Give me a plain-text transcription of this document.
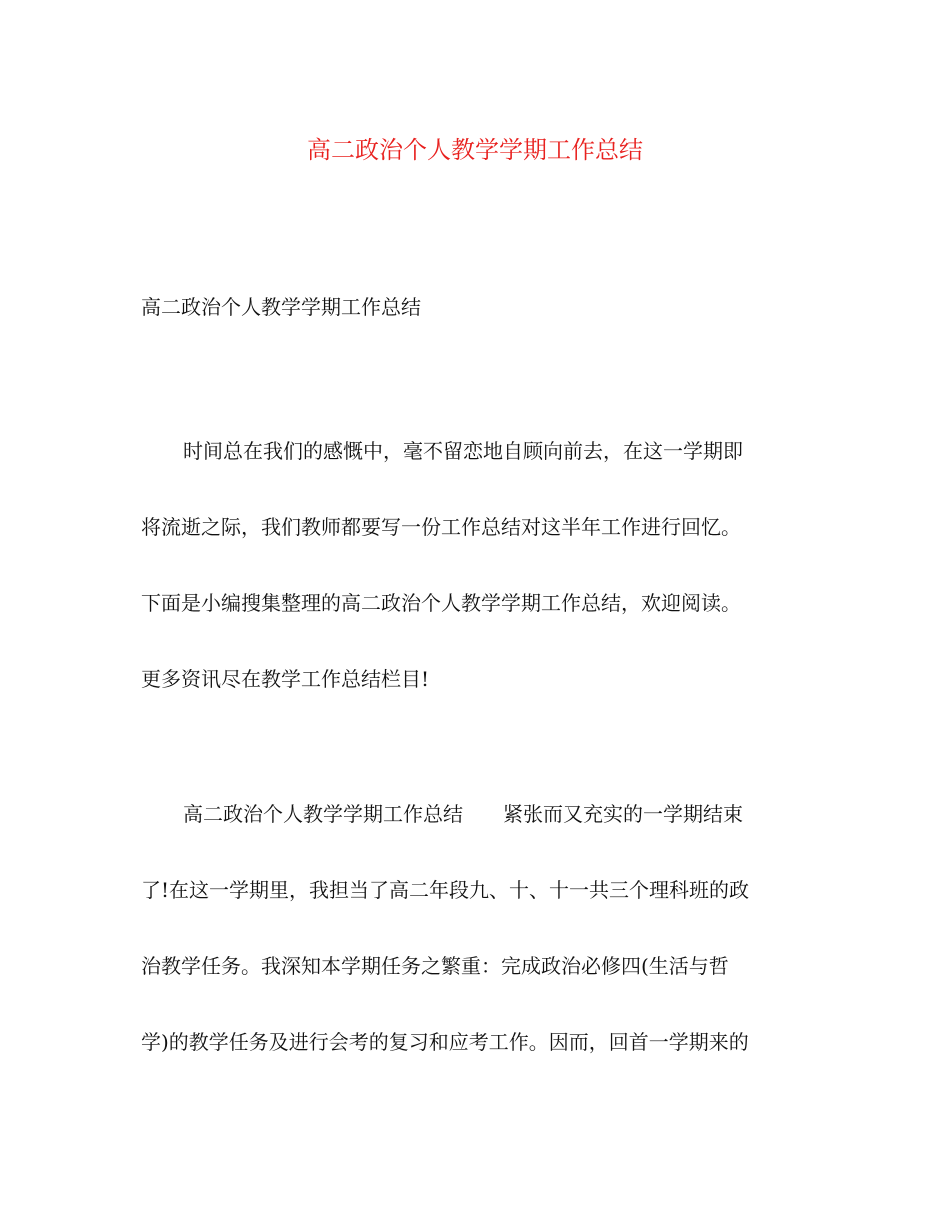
高二政治个人教学学期工作总结
高二政治个人教学学期工作总结
时间总在我们的感慨中，毫不留恋地自顾向前去，在这一学期即
将流逝之际，我们教师都要写一份工作总结对这半年工作进行回忆。
下面是小编搜集整理的高二政治个人教学学期工作总结，欢迎阅读。
更多资讯尽在教学工作总结栏目!
高二政治个人教学学期工作总结　　紧张而又充实的一学期结束
了!在这一学期里，我担当了高二年段九、十、十一共三个理科班的政
治教学任务。我深知本学期任务之繁重：完成政治必修四(生活与哲
学)的教学任务及进行会考的复习和应考工作。因而，回首一学期来的
